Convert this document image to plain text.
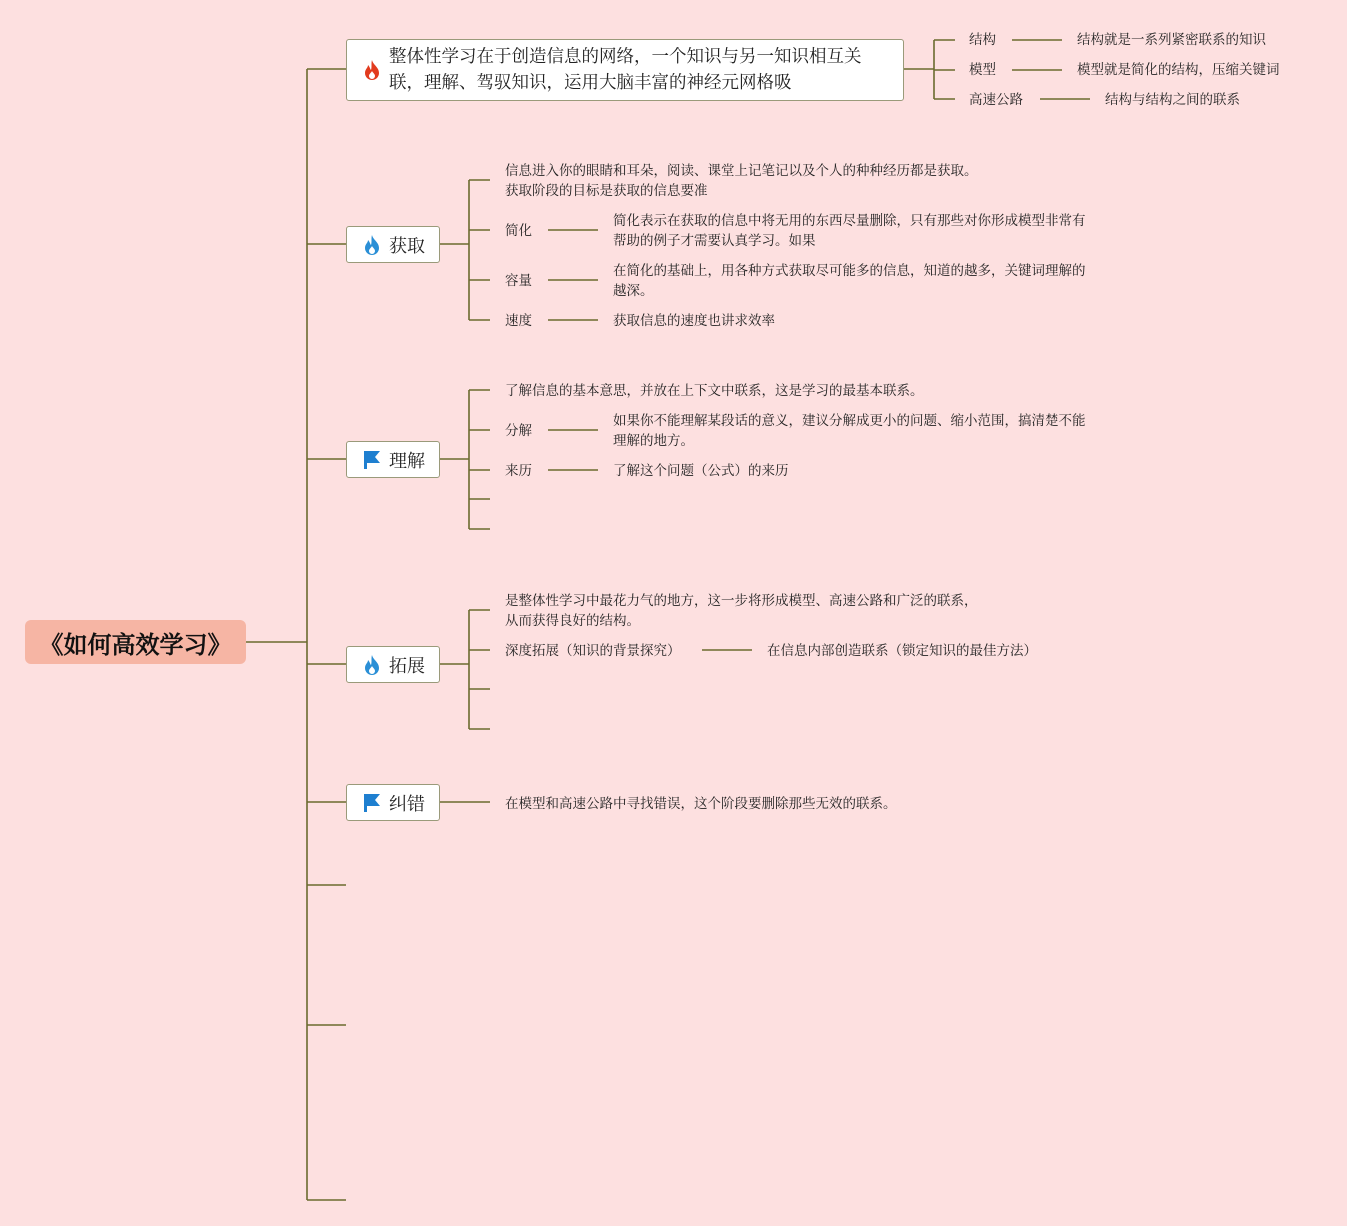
《如何高效学习》
整体性学习在于创造信息的网络，一个知识与另一知识相互关联，理解、驾驭知识，运用大脑丰富的神经元网格吸
结构	结构就是一系列紧密联系的知识
模型	模型就是简化的结构，压缩关键词
高速公路	结构与结构之间的联系
获取
信息进入你的眼睛和耳朵，阅读、课堂上记笔记以及个人的种种经历都是获取。
获取阶段的目标是获取的信息要准
简化
简化表示在获取的信息中将无用的东西尽量删除，只有那些对你形成模型非常有
帮助的例子才需要认真学习。如果
容量
在简化的基础上，用各种方式获取尽可能多的信息，知道的越多，关键词理解的
越深。
速度	获取信息的速度也讲求效率
理解
了解信息的基本意思，并放在上下文中联系，这是学习的最基本联系。
分解
如果你不能理解某段话的意义，建议分解成更小的问题、缩小范围，搞清楚不能
理解的地方。
来历	了解这个问题（公式）的来历
拓展
是整体性学习中最花力气的地方，这一步将形成模型、高速公路和广泛的联系，
从而获得良好的结构。
深度拓展（知识的背景探究）	在信息内部创造联系（锁定知识的最佳方法）
纠错	在模型和高速公路中寻找错误，这个阶段要删除那些无效的联系。
